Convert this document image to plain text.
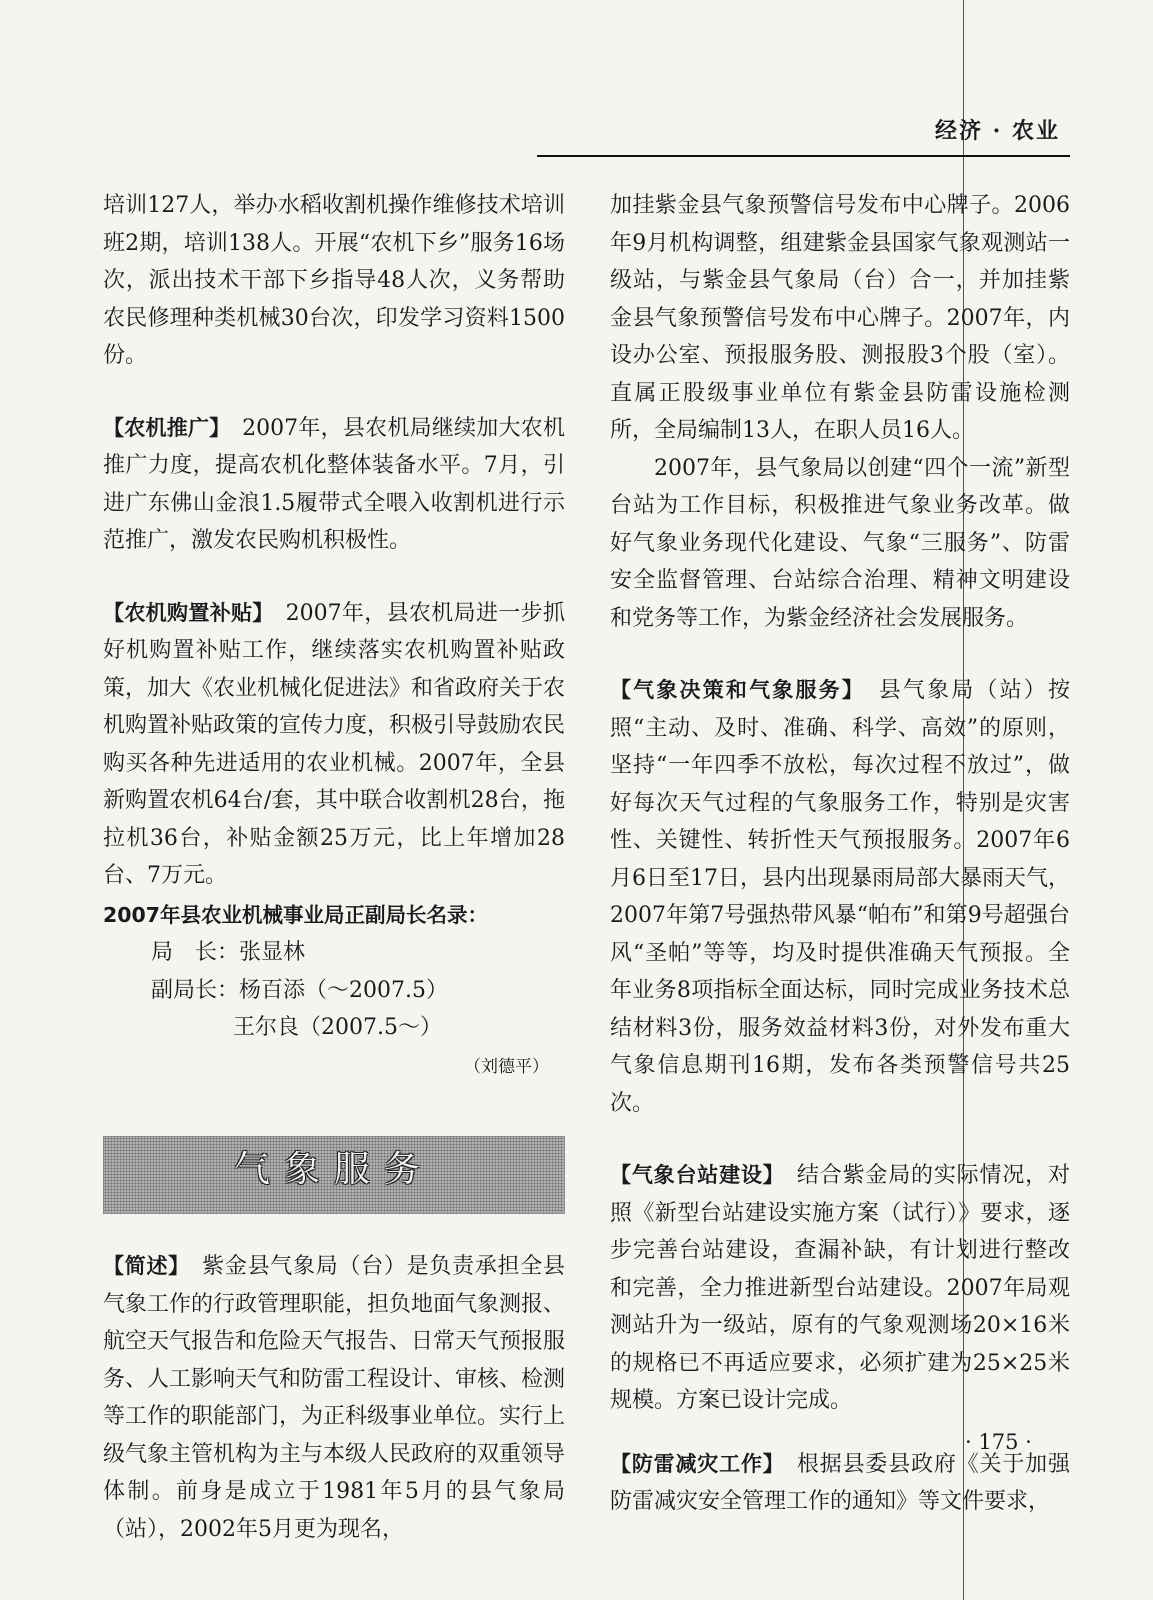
经济 · 农业

培训127人，举办水稻收割机操作维修技术培训班2期，培训138人。开展“农机下乡”服务16场次，派出技术干部下乡指导48人次，义务帮助农民修理种类机械30台次，印发学习资料1500份。

【农机推广】　 2007年，县农机局继续加大农机推广力度，提高农机化整体装备水平。7月，引进广东佛山金浪1.5履带式全喂入收割机进行示范推广，激发农民购机积极性。

【农机购置补贴】　 2007年，县农机局进一步抓好机购置补贴工作，继续落实农机购置补贴政策，加大《农业机械化促进法》和省政府关于农机购置补贴政策的宣传力度，积极引导鼓励农民购买各种先进适用的农业机械。2007年，全县新购置农机64台/套，其中联合收割机28台，拖拉机36台，补贴金额25万元，比上年增加28台、7万元。

2007年县农业机械事业局正副局长名录：
局　长：张显林
副局长：杨百添（～2007.5）
王尔良（2007.5～）
（刘德平）
气象服务

【简述】　 紫金县气象局（台）是负责承担全县气象工作的行政管理职能，担负地面气象测报、航空天气报告和危险天气报告、日常天气预报服务、人工影响天气和防雷工程设计、审核、检测等工作的职能部门，为正科级事业单位。实行上级气象主管机构为主与本级人民政府的双重领导体制。前身是成立于1981年5月的县气象局（站），2002年5月更为现名，

加挂紫金县气象预警信号发布中心牌子。2006年9月机构调整，组建紫金县国家气象观测站一级站，与紫金县气象局（台）合一，并加挂紫金县气象预警信号发布中心牌子。2007年，内设办公室、预报服务股、测报股3个股（室）。直属正股级事业单位有紫金县防雷设施检测所，全局编制13人，在职人员16人。

2007年，县气象局以创建“四个一流”新型台站为工作目标，积极推进气象业务改革。做好气象业务现代化建设、气象“三服务”、防雷安全监督管理、台站综合治理、精神文明建设和党务等工作，为紫金经济社会发展服务。

【气象决策和气象服务】　 县气象局（站）按照“主动、及时、准确、科学、高效”的原则，坚持“一年四季不放松，每次过程不放过”，做好每次天气过程的气象服务工作，特别是灾害性、关键性、转折性天气预报服务。2007年6月6日至17日，县内出现暴雨局部大暴雨天气，2007年第7号强热带风暴“帕布”和第9号超强台风“圣帕”等等，均及时提供准确天气预报。全年业务8项指标全面达标，同时完成业务技术总结材料3份，服务效益材料3份，对外发布重大气象信息期刊16期，发布各类预警信号共25次。

【气象台站建设】　 结合紫金局的实际情况，对照《新型台站建设实施方案（试行）》要求，逐步完善台站建设，查漏补缺，有计划进行整改和完善，全力推进新型台站建设。2007年局观测站升为一级站，原有的气象观测场20×16米的规格已不再适应要求，必须扩建为25×25米规模。方案已设计完成。

【防雷减灾工作】　 根据县委县政府《关于加强防雷减灾安全管理工作的通知》等文件要求，

· 175 ·
